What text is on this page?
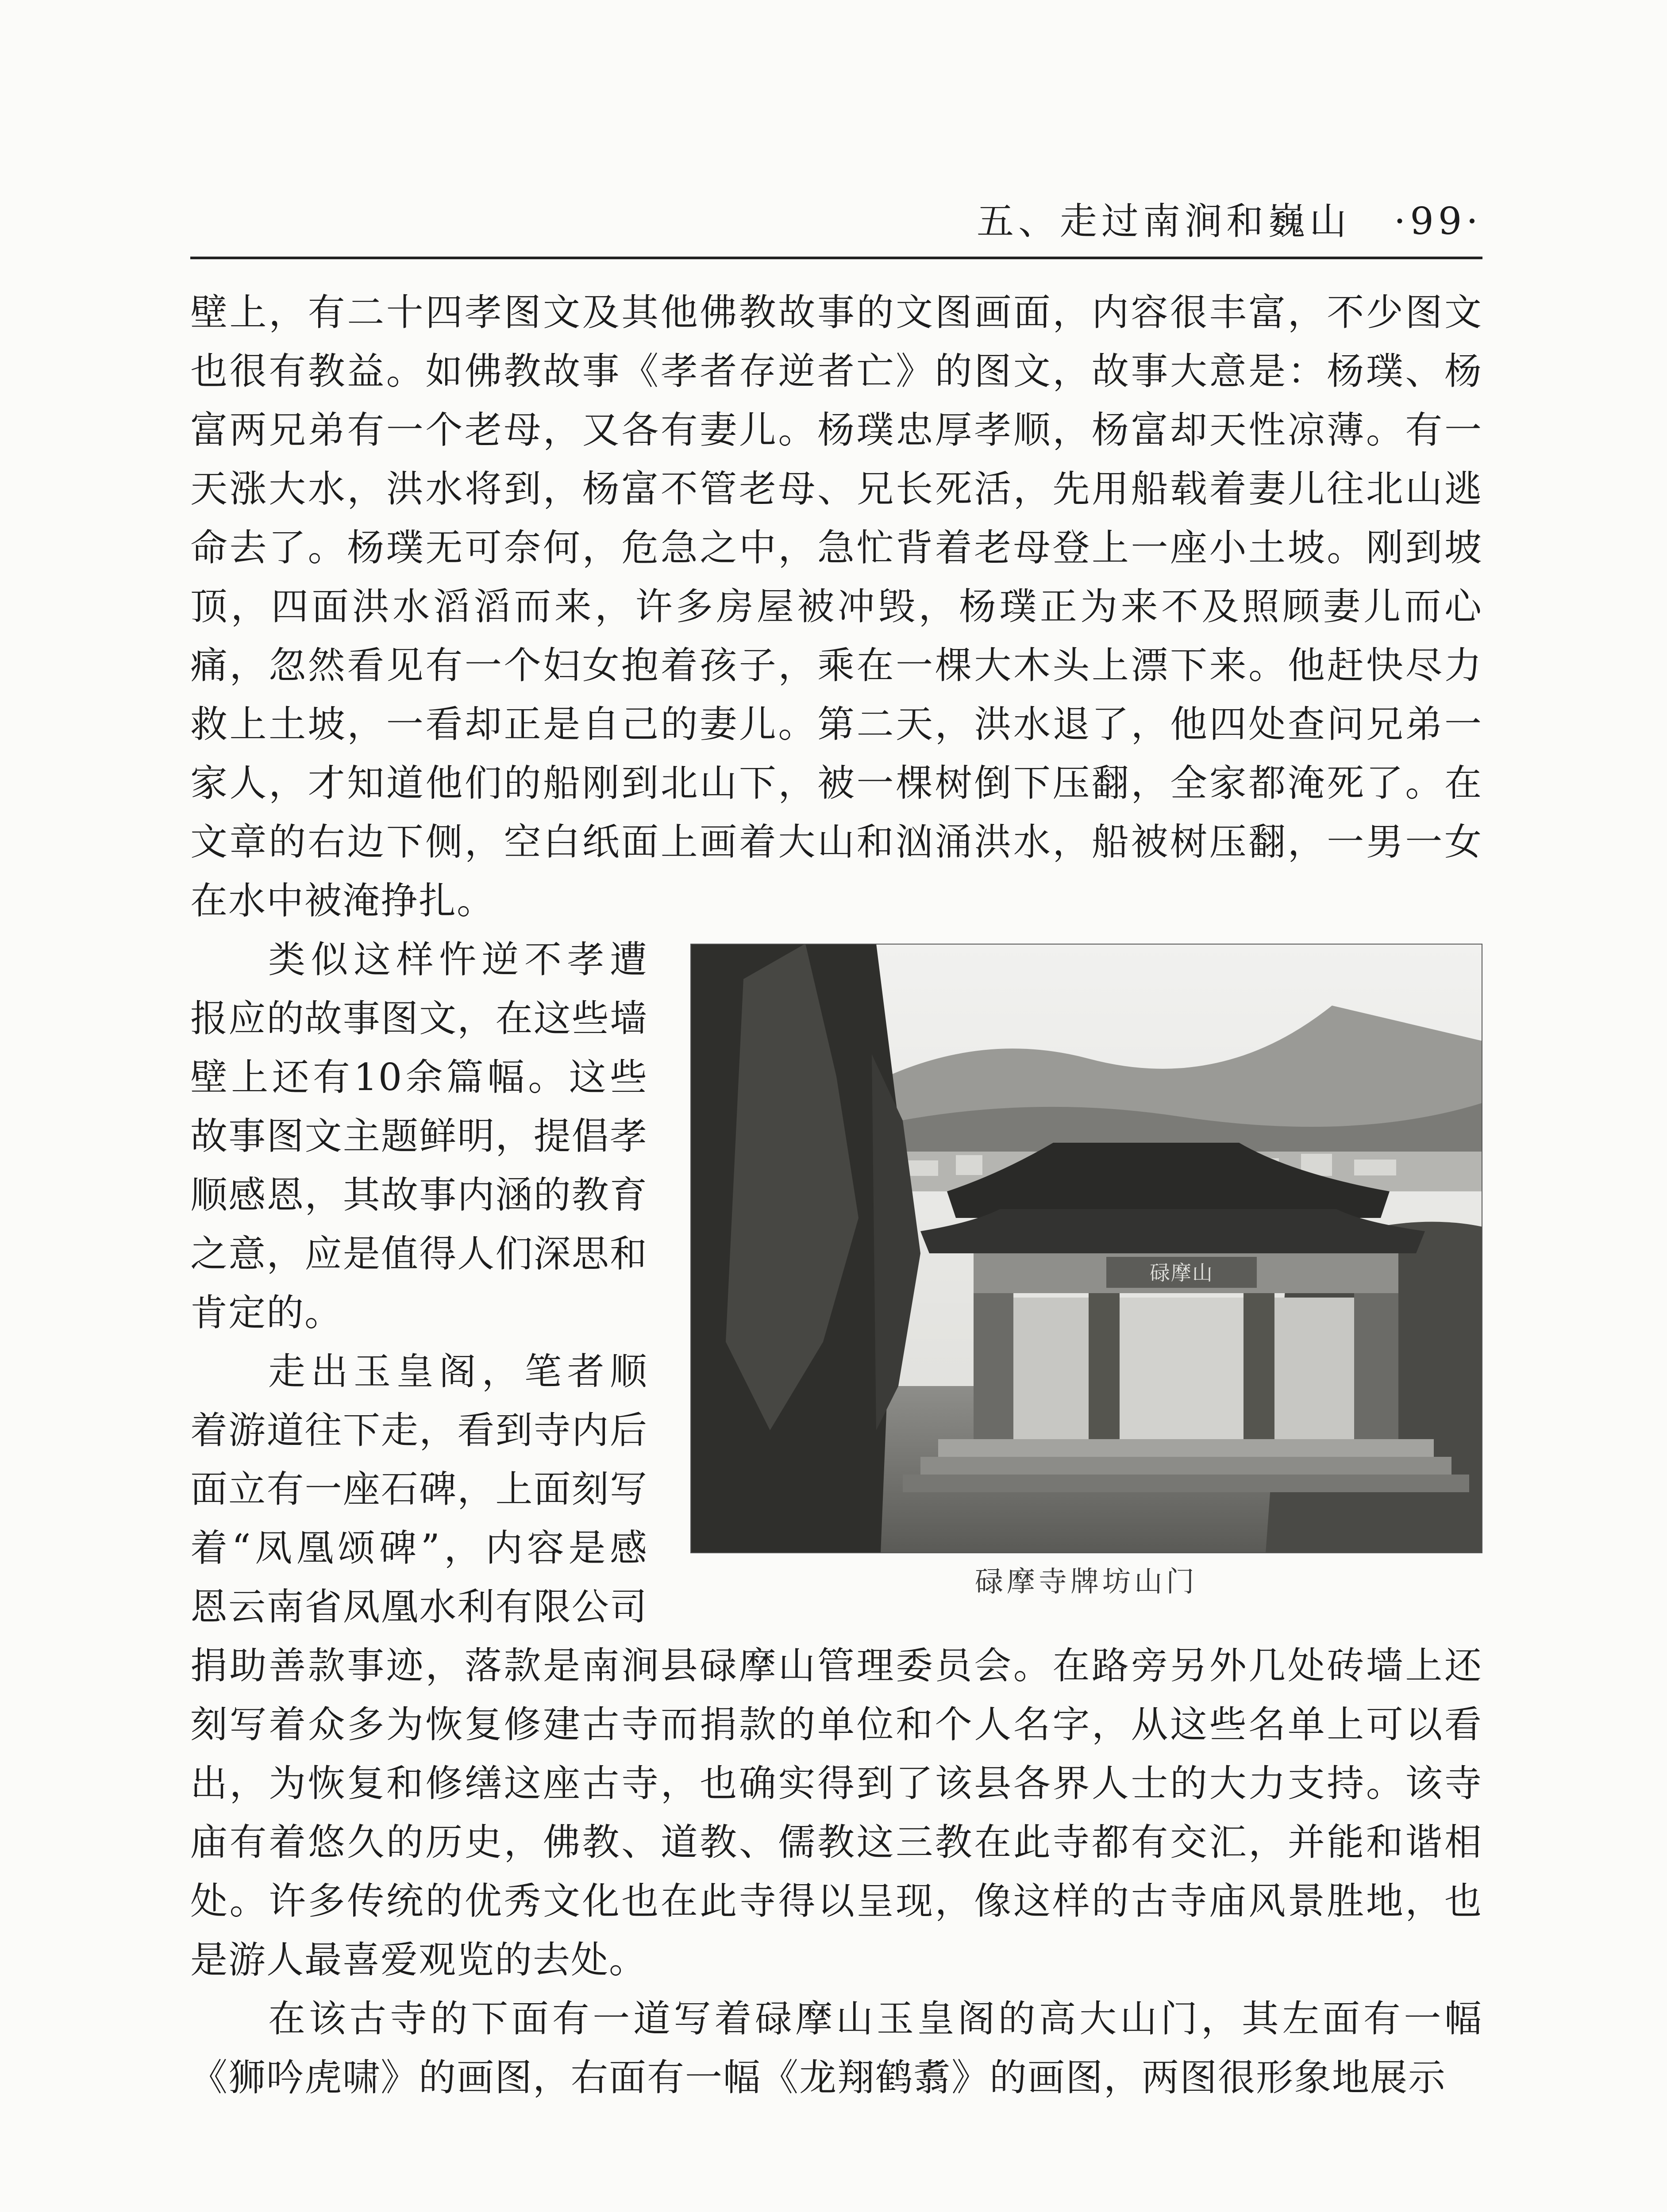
五、走过南涧和巍山 ·99·

壁上，有二十四孝图文及其他佛教故事的文图画面，内容很丰富，不少图文也很有教益。如佛教故事《孝者存逆者亡》的图文，故事大意是：杨璞、杨富两兄弟有一个老母，又各有妻儿。杨璞忠厚孝顺，杨富却天性凉薄。有一天涨大水，洪水将到，杨富不管老母、兄长死活，先用船载着妻儿往北山逃命去了。杨璞无可奈何，危急之中，急忙背着老母登上一座小土坡。刚到坡顶，四面洪水滔滔而来，许多房屋被冲毁，杨璞正为来不及照顾妻儿而心痛，忽然看见有一个妇女抱着孩子，乘在一棵大木头上漂下来。他赶快尽力救上土坡，一看却正是自己的妻儿。第二天，洪水退了，他四处查问兄弟一家人，才知道他们的船刚到北山下，被一棵树倒下压翻，全家都淹死了。在文章的右边下侧，空白纸面上画着大山和汹涌洪水，船被树压翻，一男一女在水中被淹挣扎。

碌摩山
碌摩寺牌坊山门

类似这样忤逆不孝遭报应的故事图文，在这些墙壁上还有10余篇幅。这些故事图文主题鲜明，提倡孝顺感恩，其故事内涵的教育之意，应是值得人们深思和肯定的。

走出玉皇阁，笔者顺着游道往下走，看到寺内后面立有一座石碑，上面刻写着“凤凰颂碑”，内容是感恩云南省凤凰水利有限公司捐助善款事迹，落款是南涧县碌摩山管理委员会。在路旁另外几处砖墙上还刻写着众多为恢复修建古寺而捐款的单位和个人名字，从这些名单上可以看出，为恢复和修缮这座古寺，也确实得到了该县各界人士的大力支持。该寺庙有着悠久的历史，佛教、道教、儒教这三教在此寺都有交汇，并能和谐相处。许多传统的优秀文化也在此寺得以呈现，像这样的古寺庙风景胜地，也是游人最喜爱观览的去处。

在该古寺的下面有一道写着碌摩山玉皇阁的高大山门，其左面有一幅《狮吟虎啸》的画图，右面有一幅《龙翔鹤翥》的画图，两图很形象地展示
